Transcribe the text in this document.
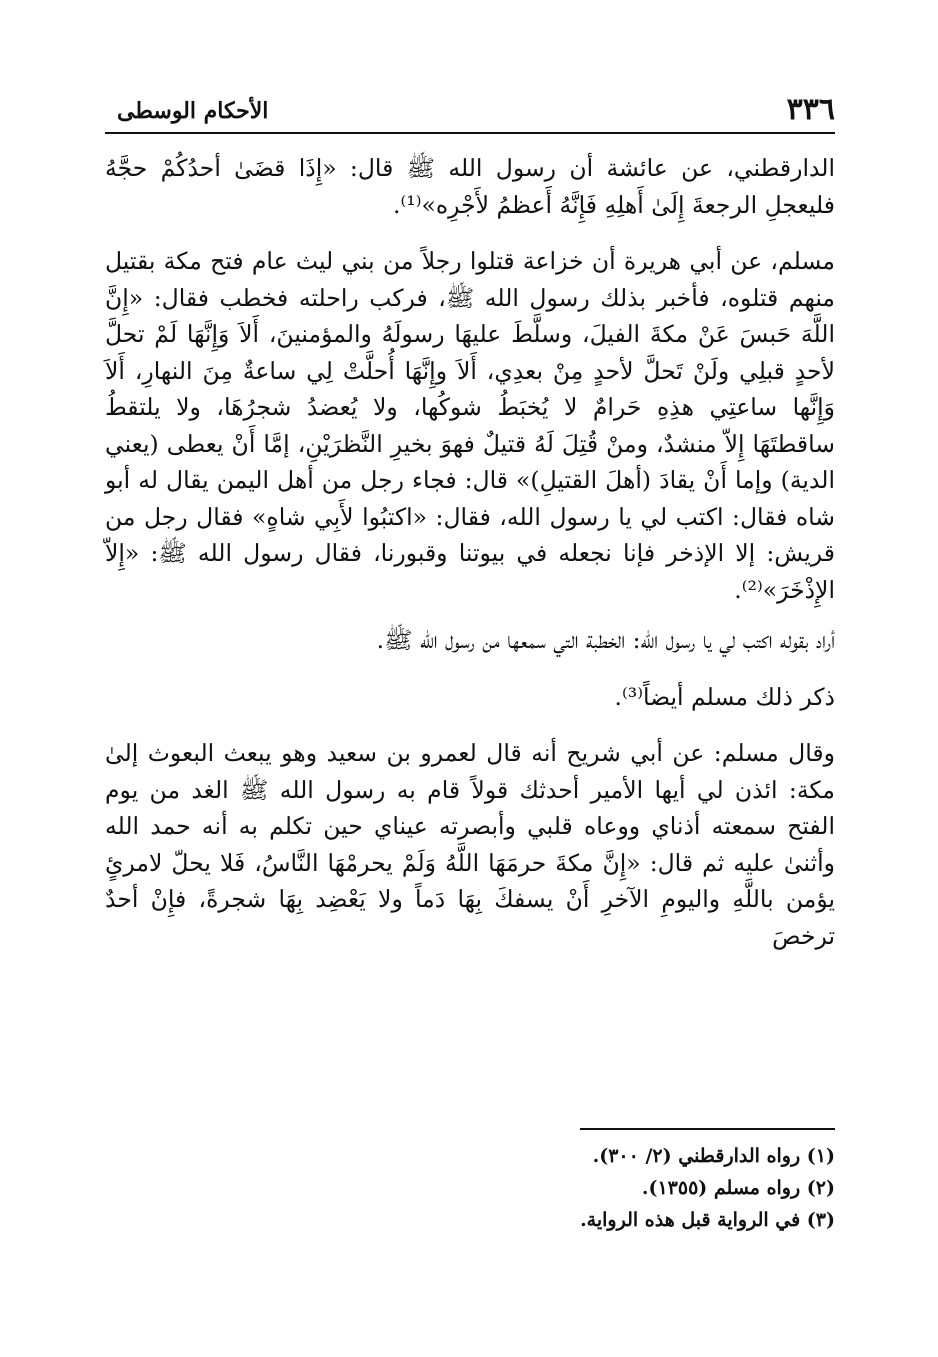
٣٣٦
الأحكام الوسطى

الدارقطني، عن عائشة أن رسول الله ﷺ قال: «إِذَا قضَىٰ أحدُكُمْ حجَّهُ فليعجلِ الرجعةَ إِلَىٰ أَهلِهِ فَإِنَّهُ أَعظمُ لأَجْرِه»⁽¹⁾.

مسلم، عن أبي هريرة أن خزاعة قتلوا رجلاً من بني ليث عام فتح مكة بقتيل منهم قتلوه، فأخبر بذلك رسول الله ﷺ، فركب راحلته فخطب فقال: «إِنَّ اللَّهَ حَبسَ عَنْ مكةَ الفيلَ، وسلَّطَ عليهَا رسولَهُ والمؤمنينَ، أَلاَ وَإِنَّهَا لَمْ تحلَّ لأحدٍ قبلِي ولَنْ تَحلَّ لأحدٍ مِنْ بعدِي، أَلاَ وإِنَّهَا أُحلَّتْ لِي ساعةٌ مِنَ النهارِ، أَلاَ وَإِنَّها ساعتِي هذِهِ حَرامٌ لا يُخبَطُ شوكُها، ولا يُعضدُ شجرُهَا، ولا يلتقطُ ساقطتَهَا إِلاّ منشدٌ، ومنْ قُتِلَ لَهُ قتيلٌ فهوَ بخيرِ النَّظرَيْنِ، إمَّا أَنْ يعطى (يعني الدية) وإما أَنْ يقادَ (أهلَ القتيلِ)» قال: فجاء رجل من أهل اليمن يقال له أبو شاه فقال: اكتب لي يا رسول الله، فقال: «اكتبُوا لأَبِي شاهٍ» فقال رجل من قريش: إلا الإذخر فإنا نجعله في بيوتنا وقبورنا، فقال رسول الله ﷺ: «إِلاّ الإِذْخَرَ»⁽²⁾.

أراد بقوله اكتب لي يا رسول الله: الخطبة التي سمعها من رسول الله ﷺ.

ذكر ذلك مسلم أيضاً⁽³⁾.

وقال مسلم: عن أبي شريح أنه قال لعمرو بن سعيد وهو يبعث البعوث إلىٰ مكة: ائذن لي أيها الأمير أحدثك قولاً قام به رسول الله ﷺ الغد من يوم الفتح سمعته أذناي ووعاه قلبي وأبصرته عيناي حين تكلم به أنه حمد الله وأثنىٰ عليه ثم قال: «إِنَّ مكةَ حرمَهَا اللَّهُ وَلَمْ يحرمْهَا النَّاسُ، فَلا يحلّ لامرئٍ يؤمن باللَّهِ واليومِ الآخرِ أَنْ يسفكَ بِهَا دَماً ولا يَعْضِد بِهَا شجرةً، فإِنْ أحدٌ ترخصَ

(١) رواه الدارقطني (٢/ ٣٠٠).

(٢) رواه مسلم (١٣٥٥).

(٣) في الرواية قبل هذه الرواية.
